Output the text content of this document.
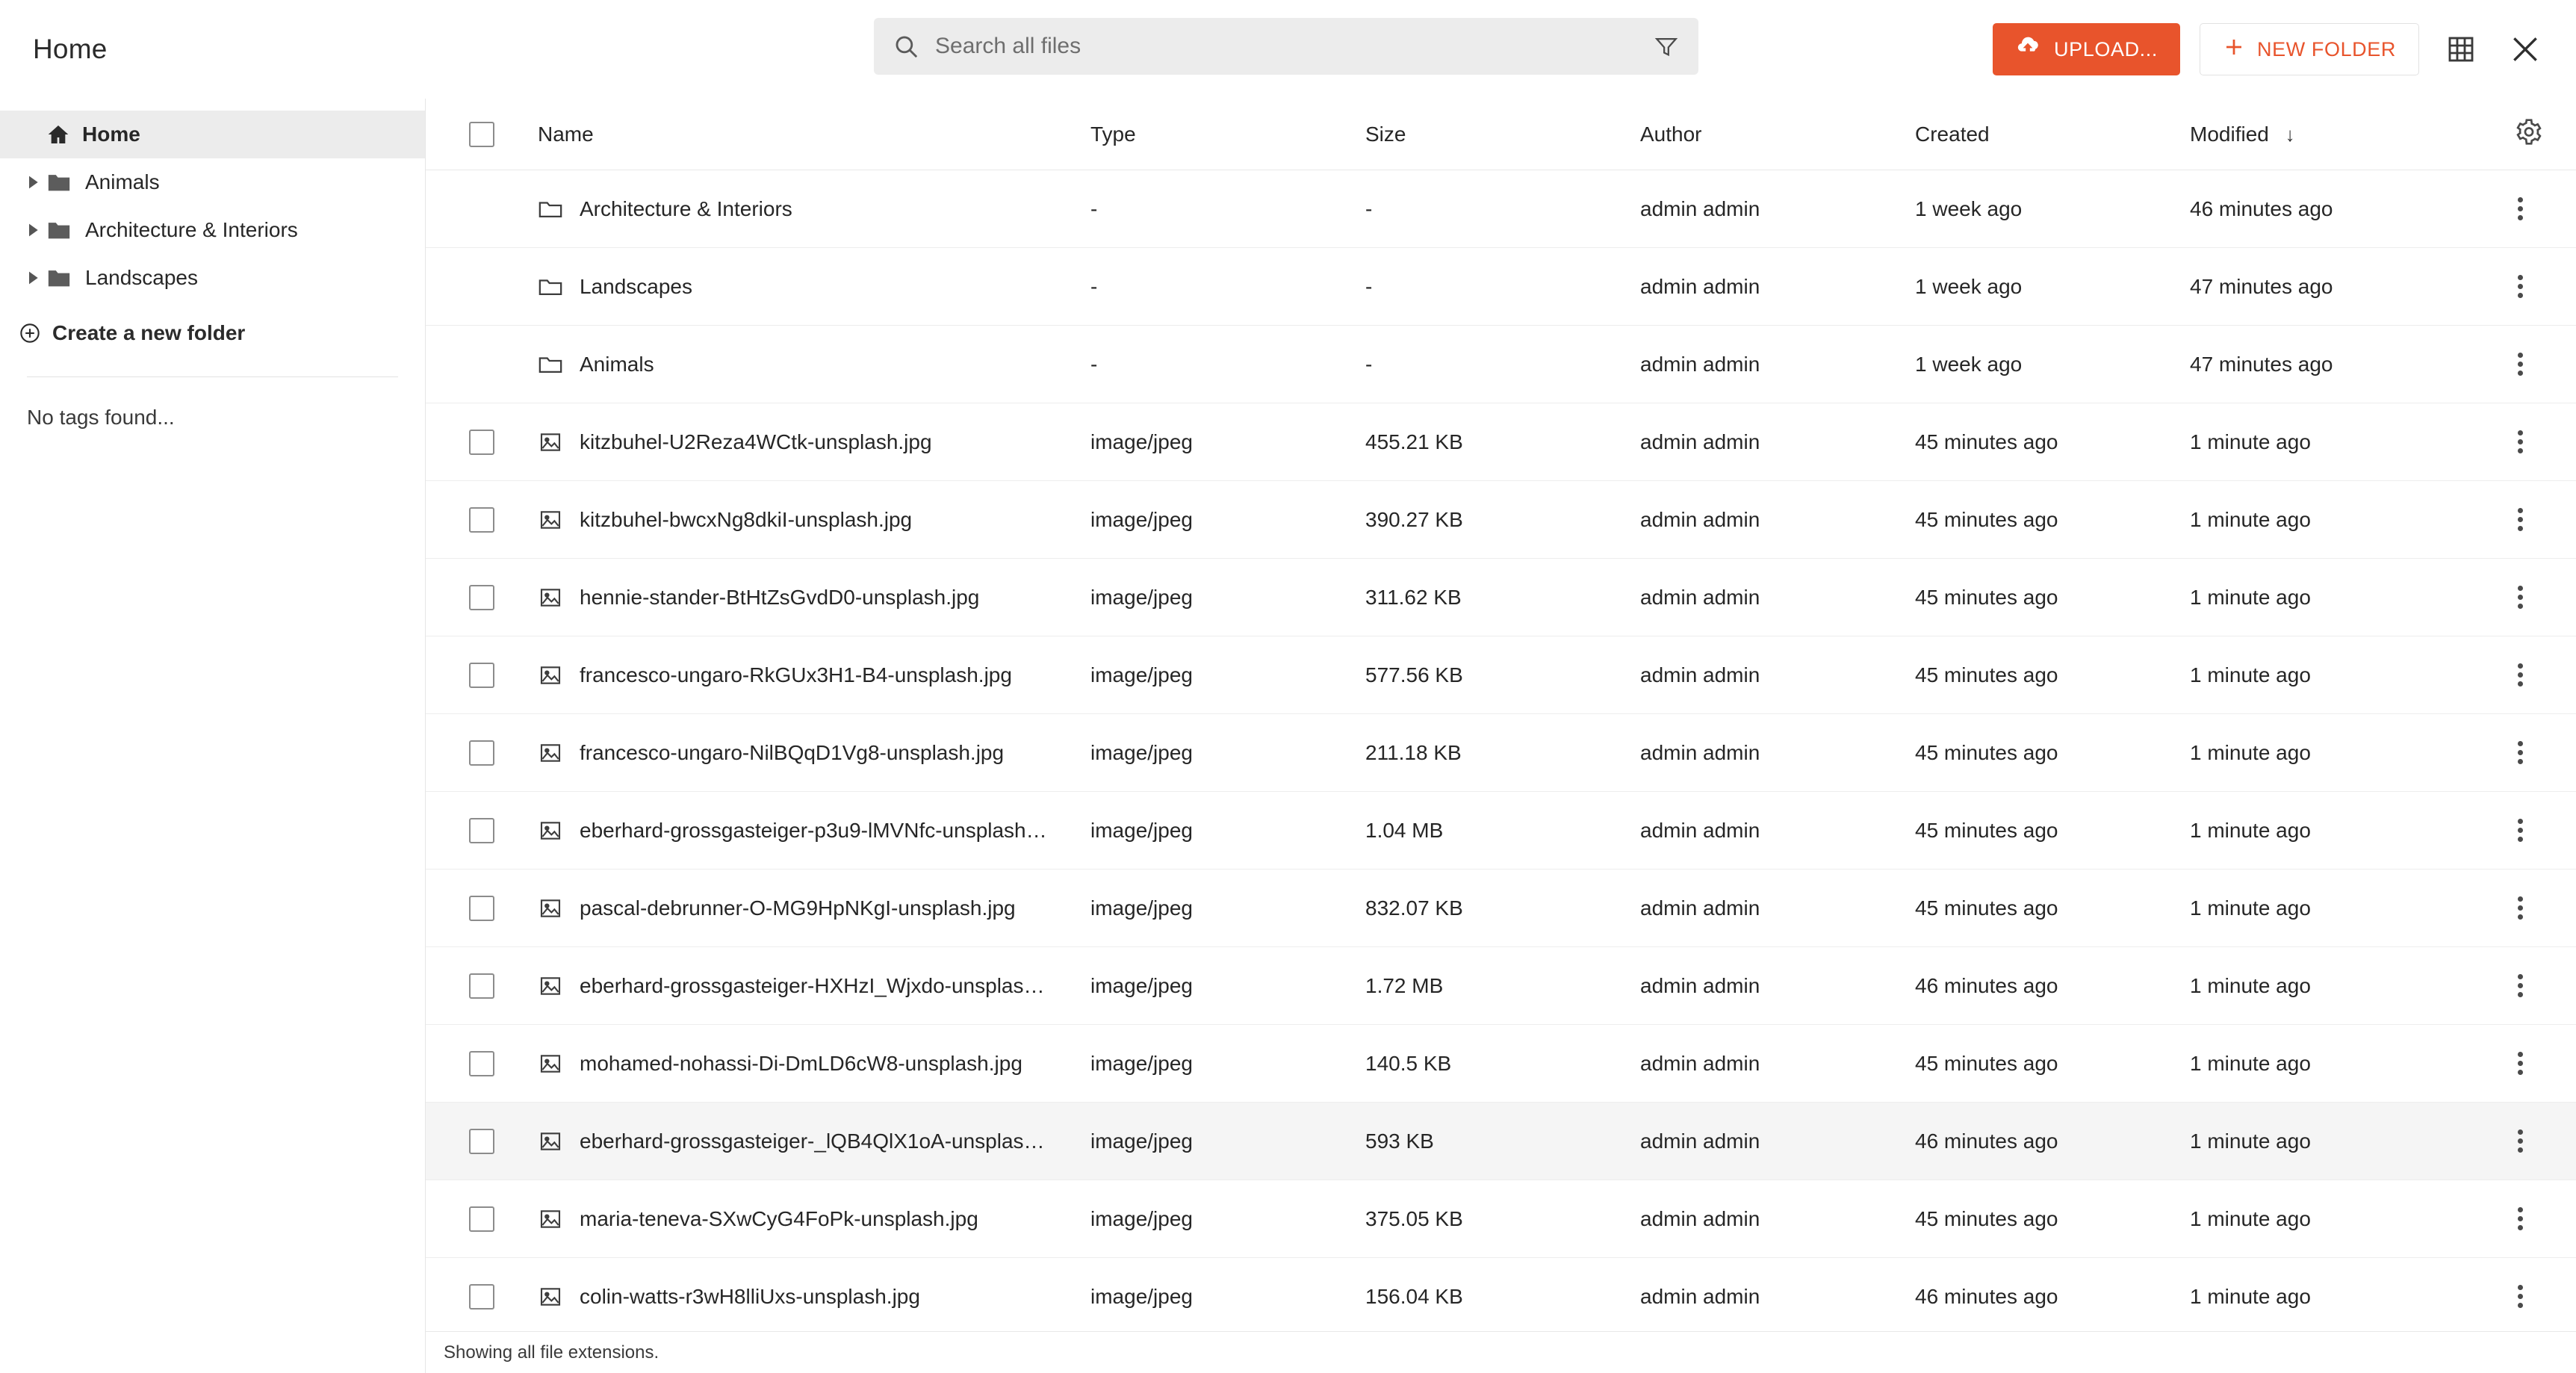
Home
Search all files	UPLOAD...	NEW FOLDER
Home
Animals
Architecture & Interiors
Landscapes
Create a new folder
No tags found...
Name	Type	Size	Author	Created	Modified ↓
Architecture & Interiors	-	-	admin admin	1 week ago	46 minutes ago
Landscapes	-	-	admin admin	1 week ago	47 minutes ago
Animals	-	-	admin admin	1 week ago	47 minutes ago
kitzbuhel-U2Reza4WCtk-unsplash.jpg	image/jpeg	455.21 KB	admin admin	45 minutes ago	1 minute ago
kitzbuhel-bwcxNg8dkiI-unsplash.jpg	image/jpeg	390.27 KB	admin admin	45 minutes ago	1 minute ago
hennie-stander-BtHtZsGvdD0-unsplash.jpg	image/jpeg	311.62 KB	admin admin	45 minutes ago	1 minute ago
francesco-ungaro-RkGUx3H1-B4-unsplash.jpg	image/jpeg	577.56 KB	admin admin	45 minutes ago	1 minute ago
francesco-ungaro-NilBQqD1Vg8-unsplash.jpg	image/jpeg	211.18 KB	admin admin	45 minutes ago	1 minute ago
eberhard-grossgasteiger-p3u9-lMVNfc-unsplash… image/jpeg	1.04 MB	admin admin	45 minutes ago	1 minute ago
pascal-debrunner-O-MG9HpNKgI-unsplash.jpg	image/jpeg	832.07 KB	admin admin	45 minutes ago	1 minute ago
eberhard-grossgasteiger-HXHzI_Wjxdo-unsplas… image/jpeg	1.72 MB	admin admin	46 minutes ago	1 minute ago
mohamed-nohassi-Di-DmLD6cW8-unsplash.jpg	image/jpeg	140.5 KB	admin admin	45 minutes ago	1 minute ago
eberhard-grossgasteiger-_lQB4QlX1oA-unsplas… image/jpeg	593 KB	admin admin	46 minutes ago	1 minute ago
maria-teneva-SXwCyG4FoPk-unsplash.jpg	image/jpeg	375.05 KB	admin admin	45 minutes ago	1 minute ago
colin-watts-r3wH8lliUxs-unsplash.jpg	image/jpeg	156.04 KB	admin admin	46 minutes ago	1 minute ago
Showing all file extensions.
